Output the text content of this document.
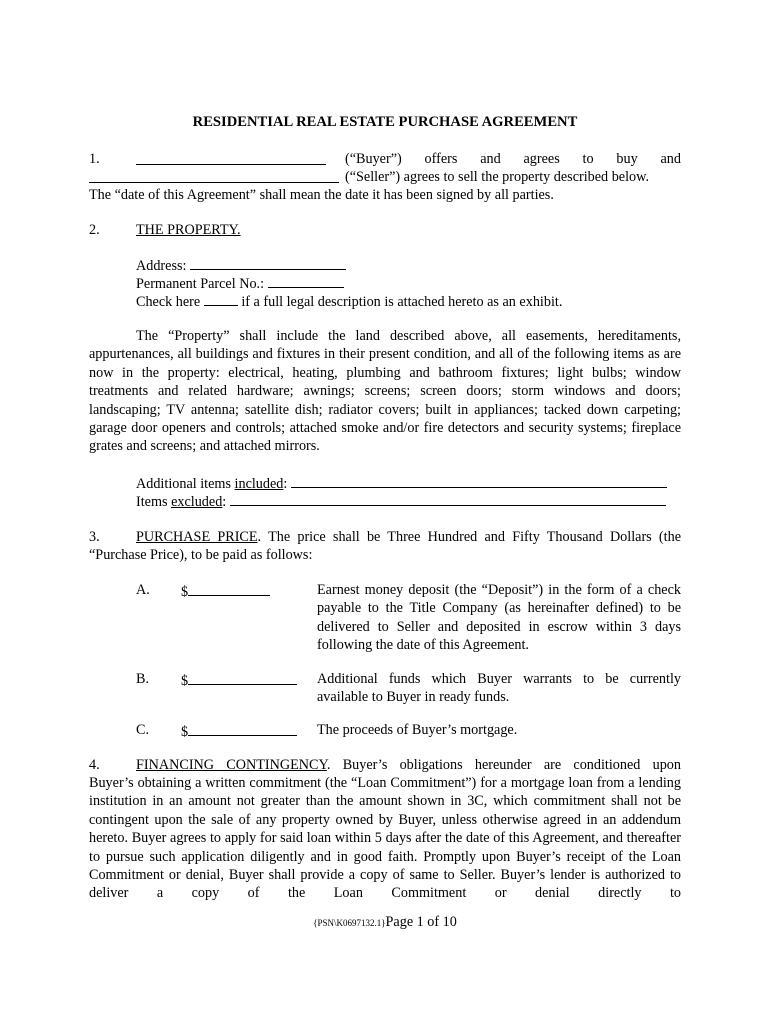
RESIDENTIAL REAL ESTATE PURCHASE AGREEMENT
1.	(“Buyer”) offers and agrees to buy and
(“Seller”) agrees to sell the property described below.
The “date of this Agreement” shall mean the date it has been signed by all parties.
2.	THE PROPERTY.
Address:
Permanent Parcel No.:
Check here	if a full legal description is attached hereto as an exhibit.
The “Property” shall include the land described above, all easements, hereditaments, appurtenances, all buildings and fixtures in their present condition, and all of the following items as are now in the property: electrical, heating, plumbing and bathroom fixtures; light bulbs; window treatments and related hardware; awnings; screens; screen doors; storm windows and doors; landscaping; TV antenna; satellite dish; radiator covers; built in appliances; tacked down carpeting; garage door openers and controls; attached smoke and/or fire detectors and security systems; fireplace grates and screens; and attached mirrors.
Additional items included:
Items excluded:
3.	PURCHASE PRICE. The price shall be Three Hundred and Fifty Thousand Dollars (the
“Purchase Price), to be paid as follows:
A. $	Earnest money deposit (the “Deposit”) in the form of a check payable to the Title Company (as hereinafter defined) to be delivered to Seller and deposited in escrow within 3 days following the date of this Agreement.
B. $	Additional funds which Buyer warrants to be currently available to Buyer in ready funds.
C. $	The proceeds of Buyer’s mortgage.
4.	FINANCING CONTINGENCY. Buyer’s obligations hereunder are conditioned upon
Buyer’s obtaining a written commitment (the “Loan Commitment”) for a mortgage loan from a lending institution in an amount not greater than the amount shown in 3C, which commitment shall not be contingent upon the sale of any property owned by Buyer, unless otherwise agreed in an addendum hereto. Buyer agrees to apply for said loan within 5 days after the date of this Agreement, and thereafter to pursue such application diligently and in good faith. Promptly upon Buyer’s receipt of the Loan Commitment or denial, Buyer shall provide a copy of same to Seller. Buyer’s lender is authorized to deliver a copy of the Loan Commitment or denial directly to
{PSN\K0697132.1}Page 1 of 10
